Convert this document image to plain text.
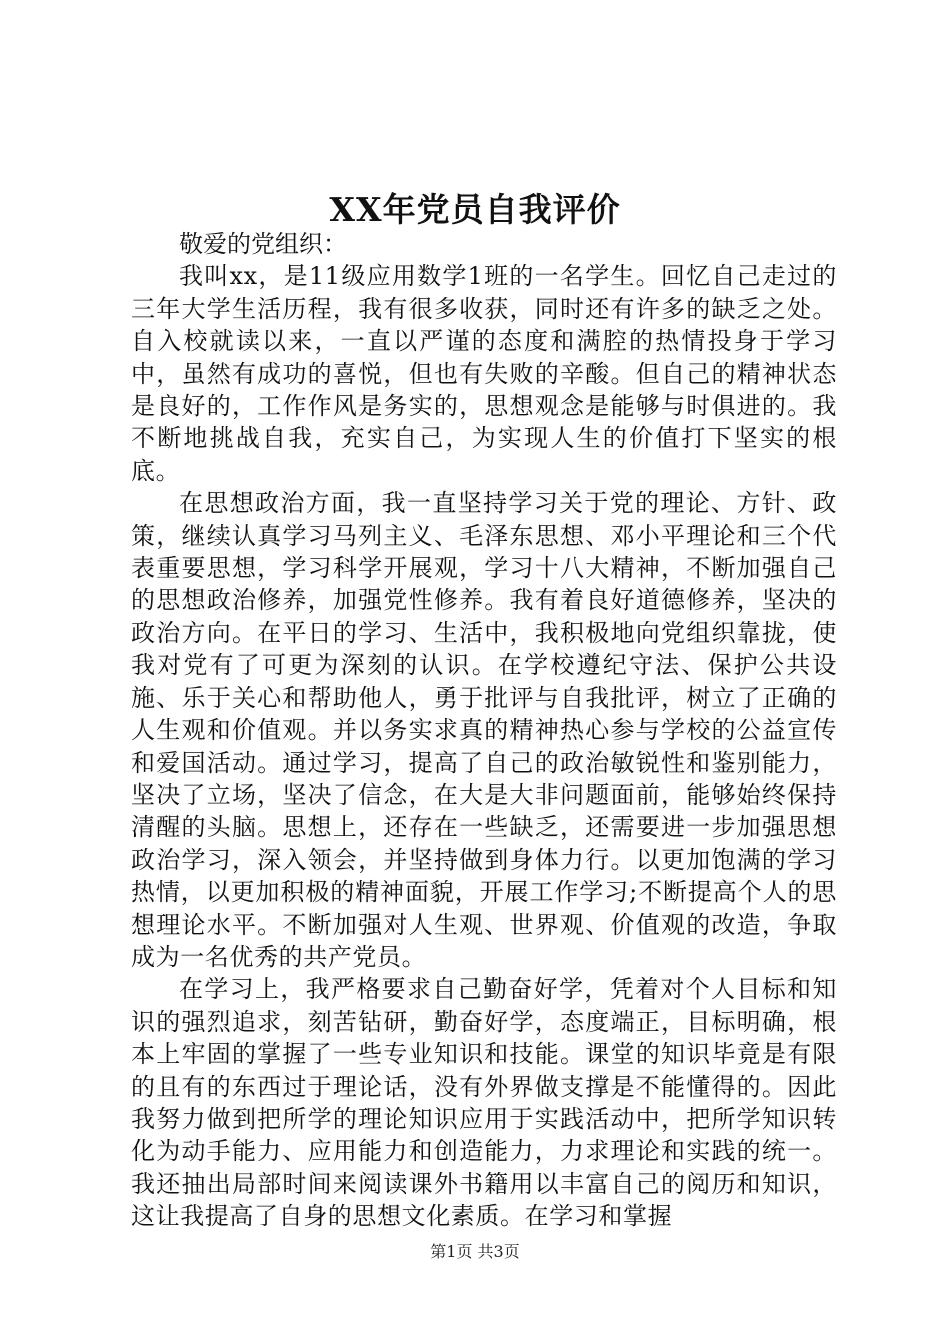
XX年党员自我评价

敬爱的党组织：

我叫xx，是11级应用数学1班的一名学生。回忆自己走过的三年大学生活历程，我有很多收获，同时还有许多的缺乏之处。自入校就读以来，一直以严谨的态度和满腔的热情投身于学习中，虽然有成功的喜悦，但也有失败的辛酸。但自己的精神状态是良好的，工作作风是务实的，思想观念是能够与时俱进的。我不断地挑战自我，充实自己，为实现人生的价值打下坚实的根底。

在思想政治方面，我一直坚持学习关于党的理论、方针、政策，继续认真学习马列主义、毛泽东思想、邓小平理论和三个代表重要思想，学习科学开展观，学习十八大精神，不断加强自己的思想政治修养，加强党性修养。我有着良好道德修养，坚决的政治方向。在平日的学习、生活中，我积极地向党组织靠拢，使我对党有了可更为深刻的认识。在学校遵纪守法、保护公共设施、乐于关心和帮助他人，勇于批评与自我批评，树立了正确的人生观和价值观。并以务实求真的精神热心参与学校的公益宣传和爱国活动。通过学习，提高了自己的政治敏锐性和鉴别能力，坚决了立场，坚决了信念，在大是大非问题面前，能够始终保持清醒的头脑。思想上，还存在一些缺乏，还需要进一步加强思想政治学习，深入领会，并坚持做到身体力行。以更加饱满的学习热情，以更加积极的精神面貌，开展工作学习;不断提高个人的思想理论水平。不断加强对人生观、世界观、价值观的改造，争取成为一名优秀的共产党员。

在学习上，我严格要求自己勤奋好学，凭着对个人目标和知识的强烈追求，刻苦钻研，勤奋好学，态度端正，目标明确，根本上牢固的掌握了一些专业知识和技能。课堂的知识毕竟是有限的且有的东西过于理论话，没有外界做支撑是不能懂得的。因此我努力做到把所学的理论知识应用于实践活动中，把所学知识转化为动手能力、应用能力和创造能力，力求理论和实践的统一。我还抽出局部时间来阅读课外书籍用以丰富自己的阅历和知识，这让我提高了自身的思想文化素质。在学习和掌握

第1页 共3页
